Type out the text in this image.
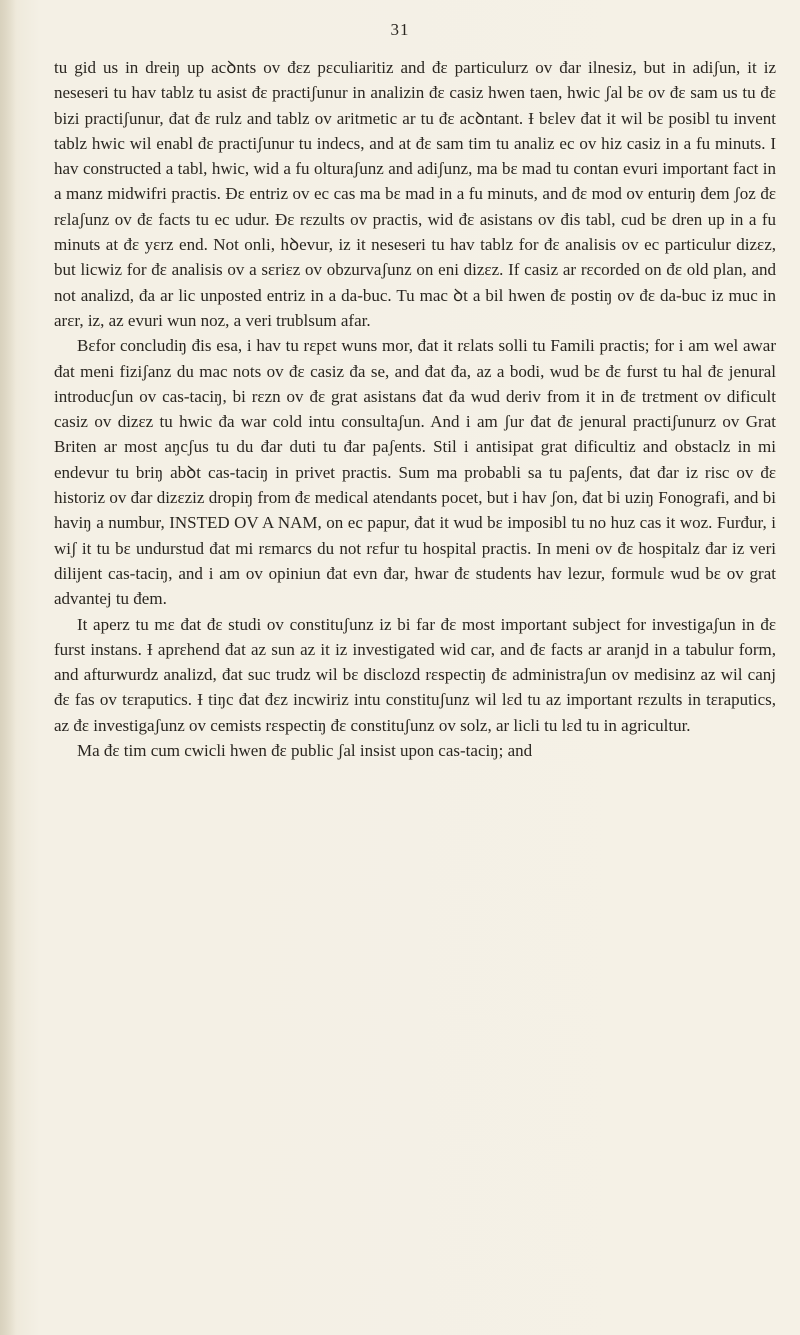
31

tu gid us in dreiŋ up acꝺnts ov đɛz pɛculiaritiz and đɛ particulurz ov đar ilnesiz, but in adiʃun, it iz neseseri tu hav tablz tu asist đɛ practiʃunur in analizin đɛ casiz hwen taen, hwic ʃal bɛ ov đɛ sam us tu đɛ bizi practiʃunur, đat đɛ rulz and tablz ov aritmetic ar tu đɛ acꝺntant. Ɨ bɛlev đat it wil bɛ posibl tu invent tablz hwic wil enabl đɛ practiʃunur tu indecs, and at đɛ sam tim tu analiz ec ov hiz casiz in a fu minuts. I hav constructed a tabl, hwic, wid a fu olturaʃunz and adiʃunz, ma bɛ mad tu contan evuri important fact in a manz midwifri practis. Ɖɛ entriz ov ec cas ma bɛ mad in a fu minuts, and đɛ mod ov enturiŋ đem ʃoz đɛ rɛlaʃunz ov đɛ facts tu ec udur. Ɖɛ rɛzults ov practis, wid đɛ asistans ov đis tabl, cud bɛ dren up in a fu minuts at đɛ yɛrz end. Not onli, hꝺevur, iz it neseseri tu hav tablz for đɛ analisis ov ec particulur dizɛz, but licwiz for đɛ analisis ov a sɛriɛz ov obzurvaʃunz on eni dizɛz. If casiz ar rɛcorded on đɛ old plan, and not analizd, đa ar lic unposted entriz in a da-buc. Tu mac ꝺt a bil hwen đɛ postiŋ ov đɛ da-buc iz muc in arɛr, iz, az evuri wun noz, a veri trublsum afar.

Bɛfor concludiŋ đis esa, i hav tu rɛpɛt wuns mor, đat it rɛlats solli tu Famili practis; for i am wel awar đat meni fiziʃanz du mac nots ov đɛ casiz đa se, and đat đa, az a bodi, wud bɛ đɛ furst tu hal đɛ jenural introducʃun ov cas-taciŋ, bi rɛzn ov đɛ grat asistans đat đa wud deriv from it in đɛ trɛtment ov dificult casiz ov dizɛz tu hwic đa war cold intu consultaʃun. And i am ʃur đat đɛ jenural practiʃunurz ov Grat Briten ar most aŋcʃus tu du đar duti tu đar paʃents. Stil i antisipat grat dificultiz and obstaclz in mi endevur tu briŋ abꝺt cas-taciŋ in privet practis. Sum ma probabli sa tu paʃents, đat đar iz risc ov đɛ historiz ov đar dizɛziz dropiŋ from đɛ medical atendants pocet, but i hav ʃon, đat bi uziŋ Fonografi, and bi haviŋ a numbur, INSTED OV A NAM, on ec papur, đat it wud bɛ imposibl tu no huz cas it woz. Furđur, i wiʃ it tu bɛ undurstud đat mi rɛmarcs du not rɛfur tu hospital practis. In meni ov đɛ hospitalz đar iz veri dilijent cas-taciŋ, and i am ov opiniun đat evn đar, hwar đɛ students hav lezur, formulɛ wud bɛ ov grat advantej tu đem.

It aperz tu mɛ đat đɛ studi ov constituʃunz iz bi far đɛ most important subject for investigaʃun in đɛ furst instans. Ɨ aprɛhend đat az sun az it iz investigated wid car, and đɛ facts ar aranjd in a tabulur form, and afturwurdz analizd, đat suc trudz wil bɛ disclozd rɛspectiŋ đɛ administraʃun ov medisinz az wil canj đɛ fas ov tɛraputics. Ɨ tiŋc đat đɛz incwiriz intu constituʃunz wil lɛd tu az important rɛzults in tɛraputics, az đɛ investigaʃunz ov cemists rɛspectiŋ đɛ constituʃunz ov solz, ar licli tu lɛd tu in agricultur.

Ma đɛ tim cum cwicli hwen đɛ public ʃal insist upon cas-taciŋ; and
